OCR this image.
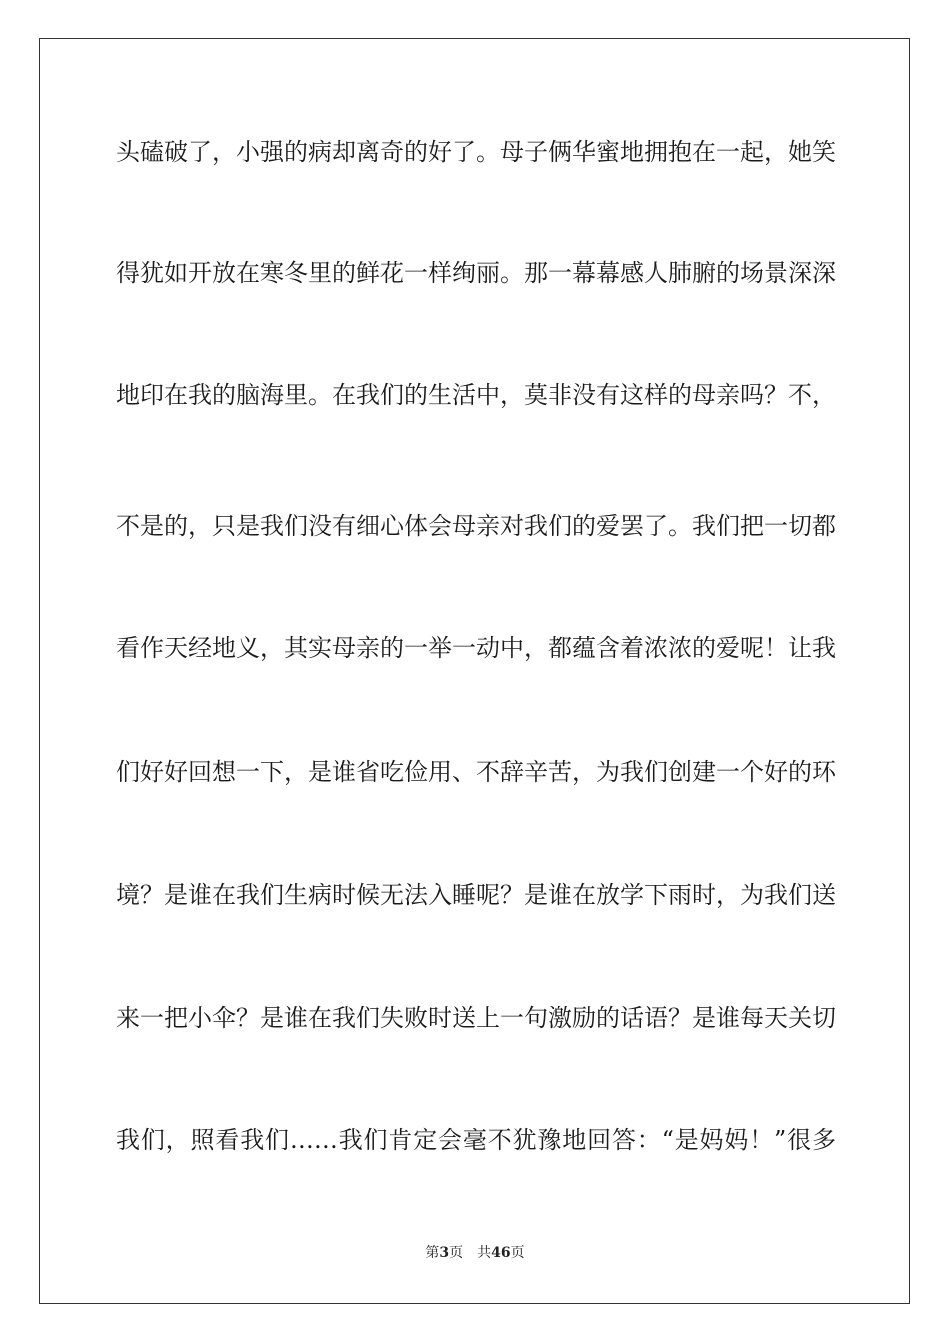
头磕破了，小强的病却离奇的好了。母子俩华蜜地拥抱在一起，她笑
得犹如开放在寒冬里的鲜花一样绚丽。那一幕幕感人肺腑的场景深深
地印在我的脑海里。在我们的生活中，莫非没有这样的母亲吗？不，
不是的，只是我们没有细心体会母亲对我们的爱罢了。我们把一切都
看作天经地义，其实母亲的一举一动中，都蕴含着浓浓的爱呢！让我
们好好回想一下，是谁省吃俭用、不辞辛苦，为我们创建一个好的环
境？是谁在我们生病时候无法入睡呢？是谁在放学下雨时，为我们送
来一把小伞？是谁在我们失败时送上一句激励的话语？是谁每天关切
我们，照看我们……我们肯定会毫不犹豫地回答：“是妈妈！”很多
第3页 共46页
